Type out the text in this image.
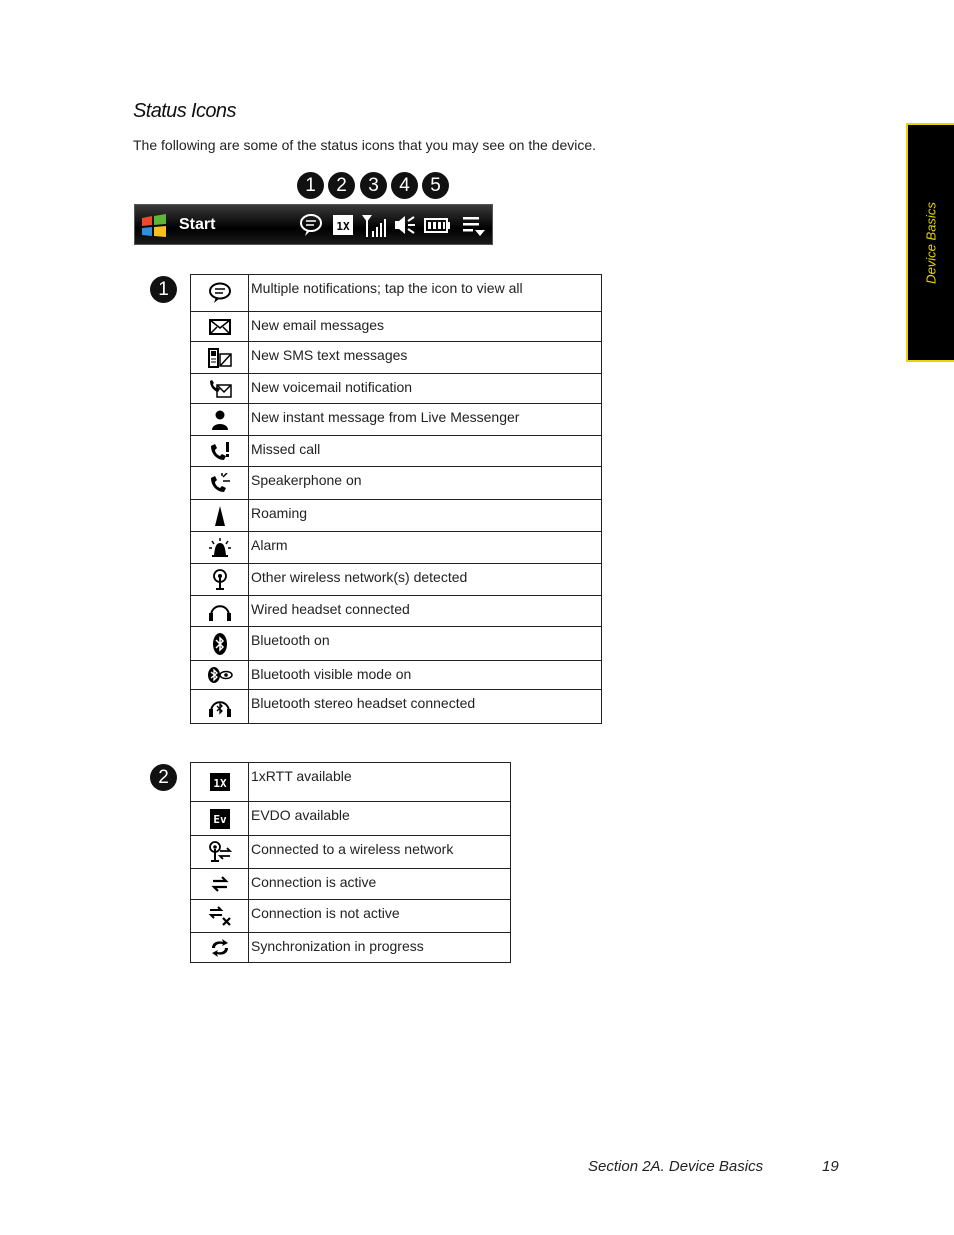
Status Icons
The following are some of the status icons that you may see on the device.
1	2	3	4	5
Start	1X	Device Basics
1
		Multiple notifications; tap the icon to view all

	New email messages

	New SMS text messages

	New voicemail notification

	New instant message from Live Messenger

	Missed call

	Speakerphone on

	Roaming

	Alarm

	Other wireless network(s) detected

	Wired headset connected

	Bluetooth on

	Bluetooth visible mode on

	Bluetooth stereo headset connected
2	1X	1xRTT available

Ev	EVDO available

	Connected to a wireless network

	Connection is active

	Connection is not active

	Synchronization in progress
Section 2A. Device Basics	19
